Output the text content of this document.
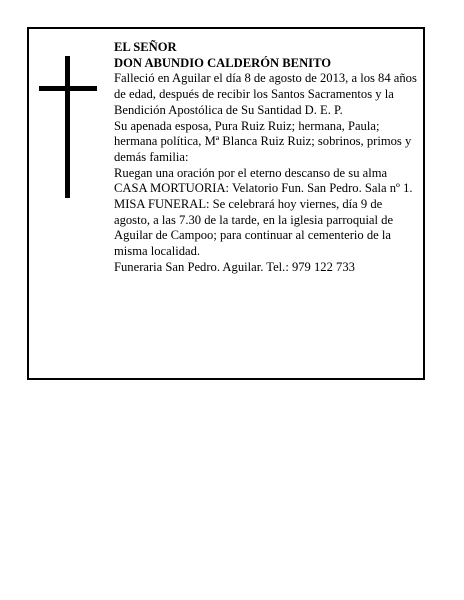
EL SEÑOR

DON ABUNDIO CALDERÓN BENITO

Falleció en Aguilar el día 8 de agosto de 2013, a los 84 años de edad, después de recibir los Santos Sacramentos y la Bendición Apostólica de Su Santidad D. E. P.

Su apenada esposa, Pura Ruiz Ruiz; hermana, Paula; hermana política, Mª Blanca Ruiz Ruiz; sobrinos, primos y demás familia:

Ruegan una oración por el eterno descanso de su alma

CASA MORTUORIA: Velatorio Fun. San Pedro. Sala nº 1.

MISA FUNERAL: Se celebrará hoy viernes, día 9 de agosto, a las 7.30 de la tarde, en la iglesia parroquial de Aguilar de Campoo; para continuar al cementerio de la misma localidad.

Funeraria San Pedro. Aguilar. Tel.: 979 122 733
